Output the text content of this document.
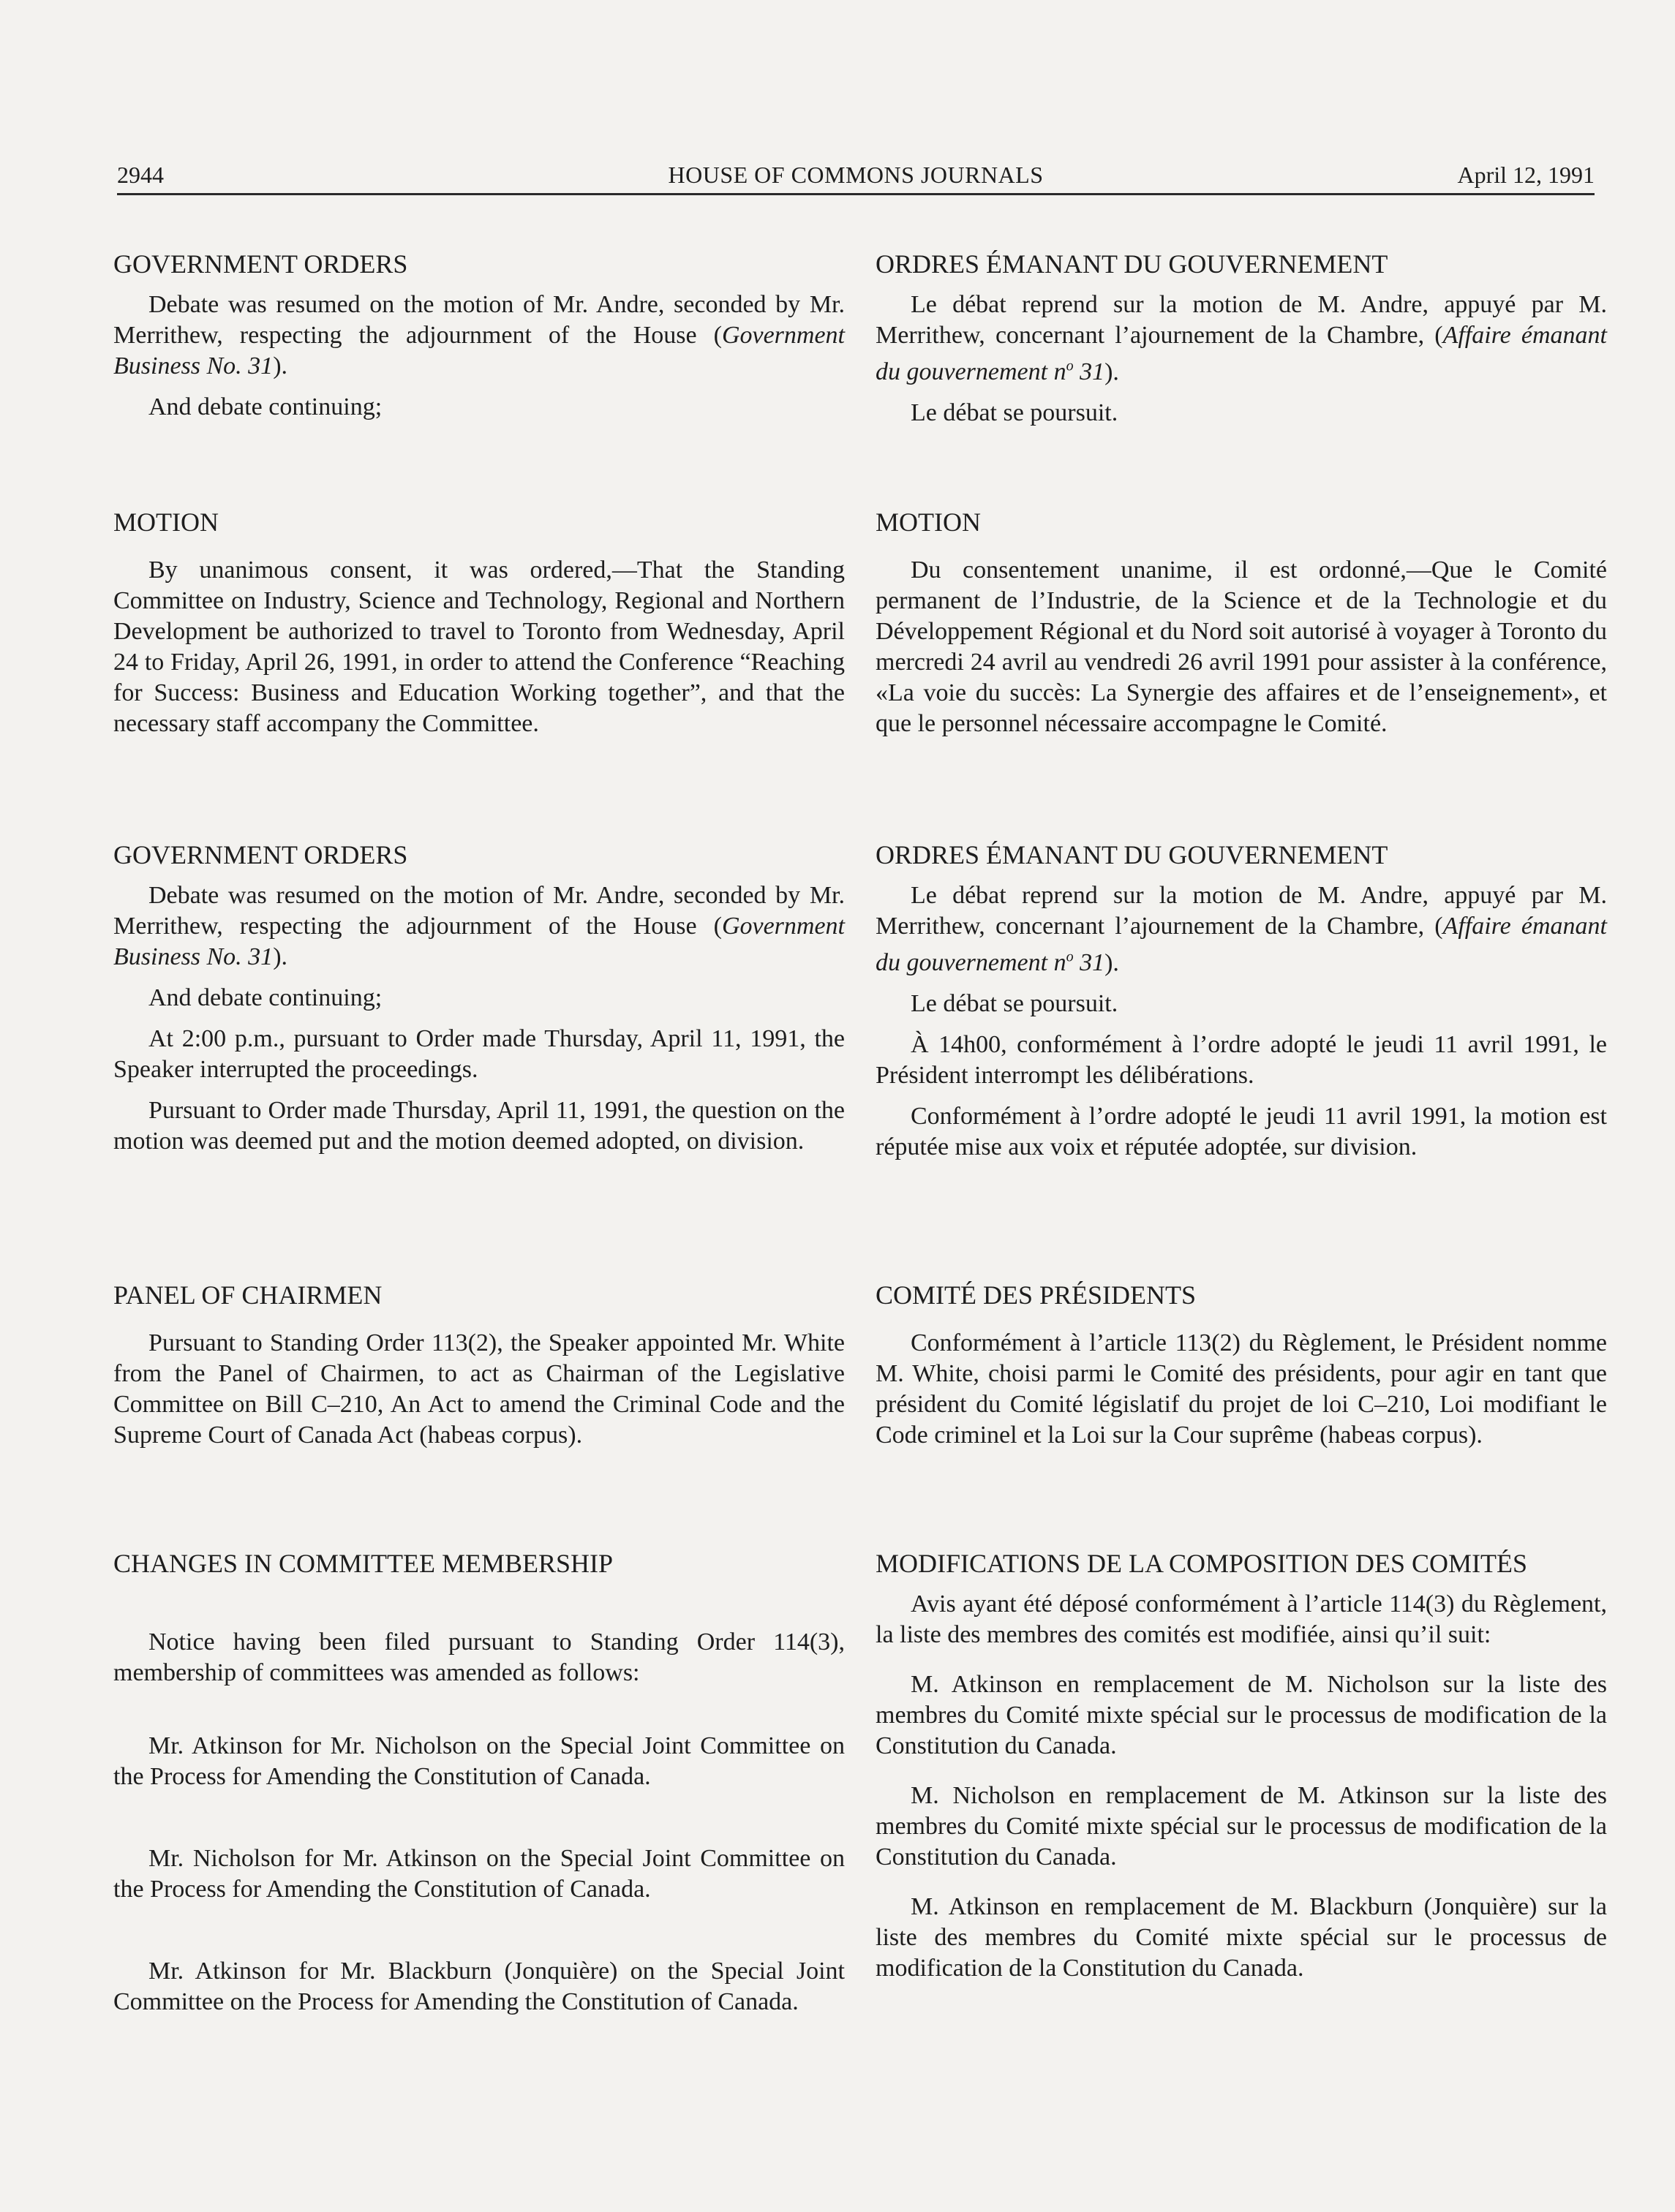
2944	HOUSE OF COMMONS JOURNALS	April 12, 1991
GOVERNMENT ORDERS

Debate was resumed on the motion of Mr. Andre, seconded by Mr. Merrithew, respecting the adjournment of the House (Government Business No. 31).

And debate continuing;

MOTION

By unanimous consent, it was ordered,—That the Standing Committee on Industry, Science and Technology, Regional and Northern Development be authorized to travel to Toronto from Wednesday, April 24 to Friday, April 26, 1991, in order to attend the Conference “Reaching for Success: Business and Education Working together”, and that the necessary staff accompany the Committee.

GOVERNMENT ORDERS

Debate was resumed on the motion of Mr. Andre, seconded by Mr. Merrithew, respecting the adjournment of the House (Government Business No. 31).

And debate continuing;

At 2:00 p.m., pursuant to Order made Thursday, April 11, 1991, the Speaker interrupted the proceedings.

Pursuant to Order made Thursday, April 11, 1991, the question on the motion was deemed put and the motion deemed adopted, on division.

PANEL OF CHAIRMEN

Pursuant to Standing Order 113(2), the Speaker appointed Mr. White from the Panel of Chairmen, to act as Chairman of the Legislative Committee on Bill C–210, An Act to amend the Criminal Code and the Supreme Court of Canada Act (habeas corpus).

CHANGES IN COMMITTEE MEMBERSHIP

Notice having been filed pursuant to Standing Order 114(3), membership of committees was amended as follows:

Mr. Atkinson for Mr. Nicholson on the Special Joint Committee on the Process for Amending the Constitution of Canada.

Mr. Nicholson for Mr. Atkinson on the Special Joint Committee on the Process for Amending the Constitution of Canada.

Mr. Atkinson for Mr. Blackburn (Jonquière) on the Special Joint Committee on the Process for Amending the Constitution of Canada.

ORDRES ÉMANANT DU GOUVERNEMENT

Le débat reprend sur la motion de M. Andre, appuyé par M. Merrithew, concernant l’ajournement de la Chambre, (Affaire émanant du gouvernement $n^o$ 31).

Le débat se poursuit.

MOTION

Du consentement unanime, il est ordonné,—Que le Comité permanent de l’Industrie, de la Science et de la Technologie et du Développement Régional et du Nord soit autorisé à voyager à Toronto du mercredi 24 avril au vendredi 26 avril 1991 pour assister à la conférence, «La voie du succès: La Synergie des affaires et de l’enseignement», et que le personnel nécessaire accompagne le Comité.

ORDRES ÉMANANT DU GOUVERNEMENT

Le débat reprend sur la motion de M. Andre, appuyé par M. Merrithew, concernant l’ajournement de la Chambre, (Affaire émanant du gouvernement $n^o$ 31).

Le débat se poursuit.

À 14h00, conformément à l’ordre adopté le jeudi 11 avril 1991, le Président interrompt les délibérations.

Conformément à l’ordre adopté le jeudi 11 avril 1991, la motion est réputée mise aux voix et réputée adoptée, sur division.

COMITÉ DES PRÉSIDENTS

Conformément à l’article 113(2) du Règlement, le Président nomme M. White, choisi parmi le Comité des présidents, pour agir en tant que président du Comité législatif du projet de loi C–210, Loi modifiant le Code criminel et la Loi sur la Cour suprême (habeas corpus).

MODIFICATIONS DE LA COMPOSITION DES COMITÉS

Avis ayant été déposé conformément à l’article 114(3) du Règlement, la liste des membres des comités est modifiée, ainsi qu’il suit:

M. Atkinson en remplacement de M. Nicholson sur la liste des membres du Comité mixte spécial sur le processus de modification de la Constitution du Canada.

M. Nicholson en remplacement de M. Atkinson sur la liste des membres du Comité mixte spécial sur le processus de modification de la Constitution du Canada.

M. Atkinson en remplacement de M. Blackburn (Jonquière) sur la liste des membres du Comité mixte spécial sur le processus de modification de la Constitution du Canada.
